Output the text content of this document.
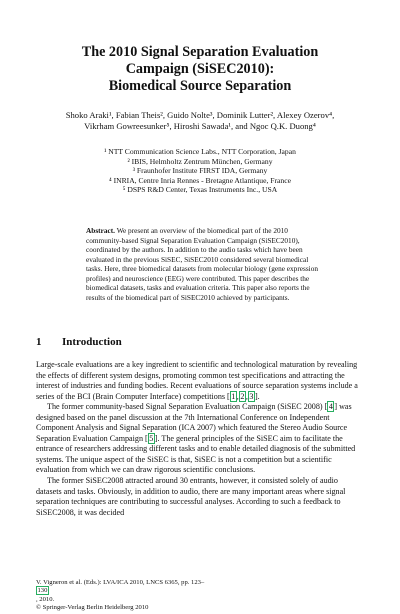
The 2010 Signal Separation Evaluation
Campaign (SiSEC2010):
Biomedical Source Separation
Shoko Araki¹, Fabian Theis², Guido Nolte³, Dominik Lutter², Alexey Ozerov⁴,
Vikrham Gowreesunker⁵, Hiroshi Sawada¹, and Ngoc Q.K. Duong⁴
¹ NTT Communication Science Labs., NTT Corporation, Japan
² IBIS, Helmholtz Zentrum München, Germany
³ Fraunhofer Institute FIRST IDA, Germany
⁴ INRIA, Centre Inria Rennes - Bretagne Atlantique, France
⁵ DSPS R&D Center, Texas Instruments Inc., USA
Abstract. We present an overview of the biomedical part of the 2010 community-based Signal Separation Evaluation Campaign (SiSEC2010), coordinated by the authors. In addition to the audio tasks which have been evaluated in the previous SiSEC, SiSEC2010 considered several biomedical tasks. Here, three biomedical datasets from molecular biology (gene expression profiles) and neuroscience (EEG) were contributed. This paper describes the biomedical datasets, tasks and evaluation criteria. This paper also reports the results of the biomedical part of SiSEC2010 achieved by participants.
1 Introduction

Large-scale evaluations are a key ingredient to scientific and technological maturation by revealing the effects of different system designs, promoting common test specifications and attracting the interest of industries and funding bodies. Recent evaluations of source separation systems include a series of the BCI (Brain Computer Interface) competitions [ 1 , 2 , 3 ].

The former community-based Signal Separation Evaluation Campaign (SiSEC 2008) [ 4 ] was designed based on the panel discussion at the 7th International Conference on Independent Component Analysis and Signal Separation (ICA 2007) which featured the Stereo Audio Source Separation Evaluation Campaign [ 5 ]. The general principles of the SiSEC aim to facilitate the entrance of researchers addressing different tasks and to enable detailed diagnosis of the submitted systems. The unique aspect of the SiSEC is that, SiSEC is not a competition but a scientific evaluation from which we can draw rigorous scientific conclusions.

The former SiSEC2008 attracted around 30 entrants, however, it consisted solely of audio datasets and tasks. Obviously, in addition to audio, there are many important areas where signal separation techniques are contributing to successful analyses. According to such a feedback to SiSEC2008, it was decided

V. Vigneron et al. (Eds.): LVA/ICA 2010, LNCS 6365, pp. 123–
130
, 2010.
© Springer-Verlag Berlin Heidelberg 2010
